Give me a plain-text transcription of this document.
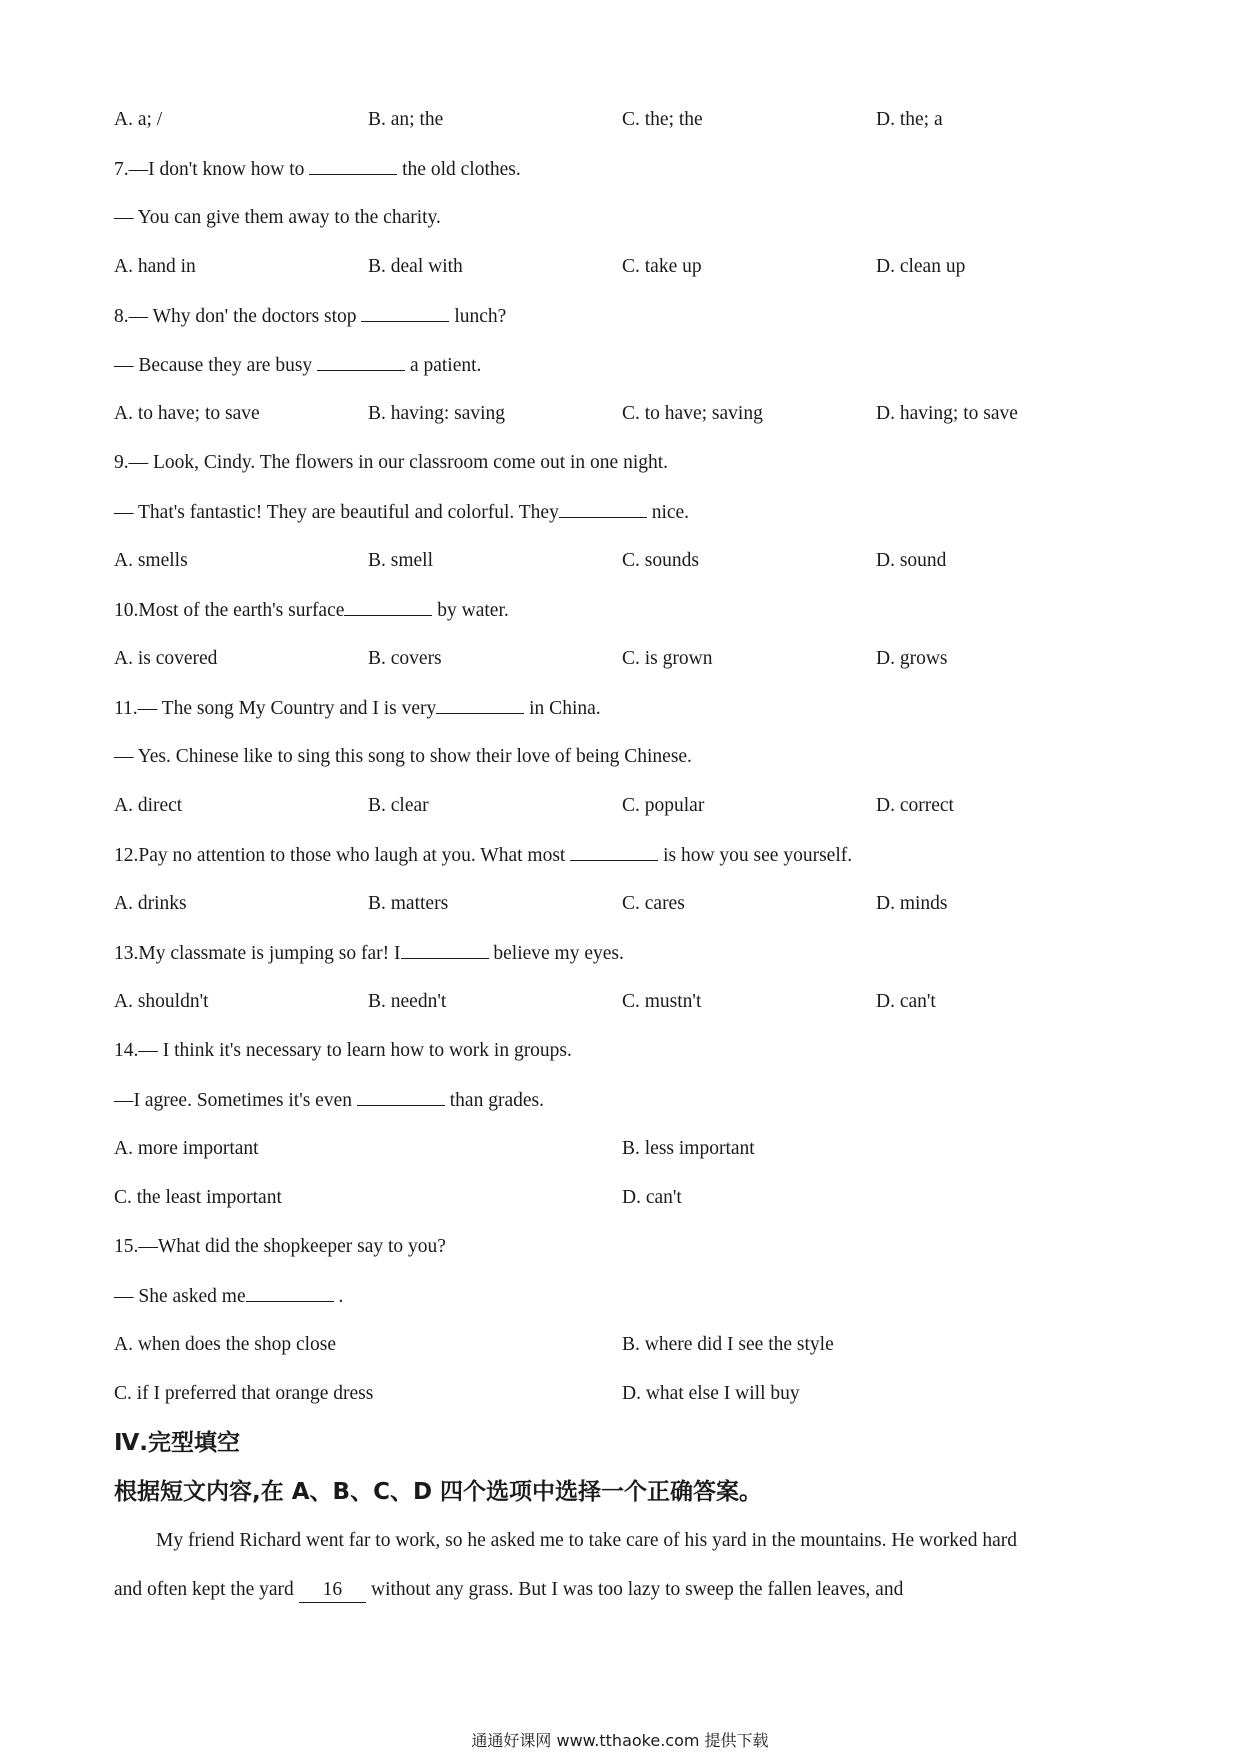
A. a; /	B. an; the	C. the; the	D. the; a
7.—I don't know how to	the old clothes.
— You can give them away to the charity.
A. hand in	B. deal with	C. take up	D. clean up
8.— Why don' the doctors stop	lunch?
— Because they are busy	a patient.
A. to have; to save	B. having: saving	C. to have; saving	D. having; to save
9.— Look, Cindy. The flowers in our classroom come out in one night.
— That's fantastic! They are beautiful and colorful. They	nice.
A. smells	B. smell	C. sounds	D. sound
10.Most of the earth's surface	by water.
A. is covered	B. covers	C. is grown	D. grows
11.— The song My Country and I is very	in China.
— Yes. Chinese like to sing this song to show their love of being Chinese.
A. direct	B. clear	C. popular	D. correct
12.Pay no attention to those who laugh at you. What most	is how you see yourself.
A. drinks	B. matters	C. cares	D. minds
13.My classmate is jumping so far! I	believe my eyes.
A. shouldn't	B. needn't	C. mustn't	D. can't
14.— I think it's necessary to learn how to work in groups.
—I agree. Sometimes it's even	than grades.
A. more important	B. less important
C. the least important	D. can't
15.—What did the shopkeeper say to you?
— She asked me	.
A. when does the shop close	B. where did I see the style
C. if I preferred that orange dress	D. what else I will buy
Ⅳ.完型填空
根据短文内容,在 A、B、C、D 四个选项中选择一个正确答案。
My friend Richard went far to work, so he asked me to take care of his yard in the mountains. He worked hard
and often kept the yard 16 without any grass. But I was too lazy to sweep the fallen leaves, and
通通好课网 www.tthaoke.com 提供下载
